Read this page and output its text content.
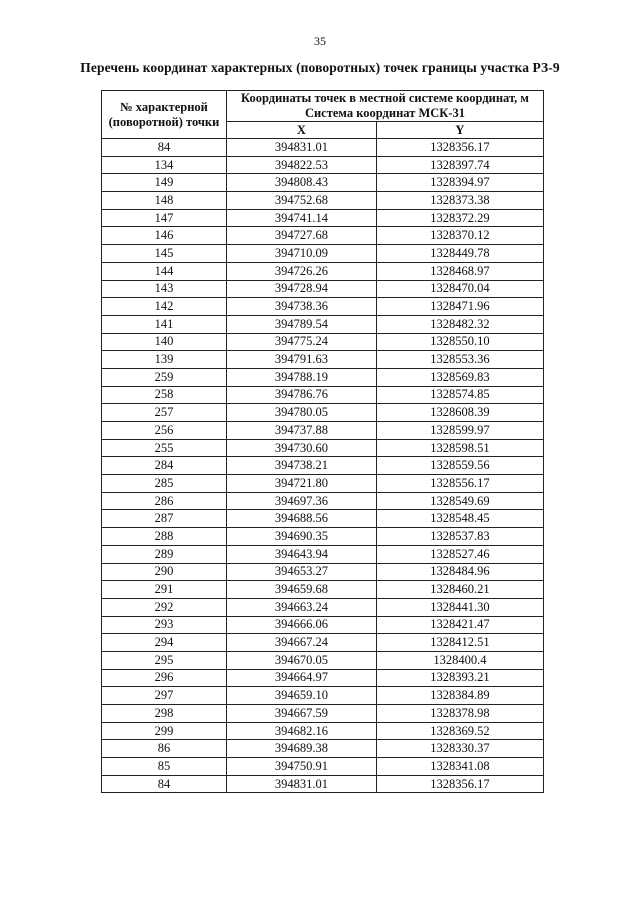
35
Перечень координат характерных (поворотных) точек границы участка РЗ-9
№ характерной (поворотной) точки	Координаты точек в местной системе координат, м Система координат МСК-31	
	X	Y
84	394831.01	1328356.17
134	394822.53	1328397.74
149	394808.43	1328394.97
148	394752.68	1328373.38
147	394741.14	1328372.29
146	394727.68	1328370.12
145	394710.09	1328449.78
144	394726.26	1328468.97
143	394728.94	1328470.04
142	394738.36	1328471.96
141	394789.54	1328482.32
140	394775.24	1328550.10
139	394791.63	1328553.36
259	394788.19	1328569.83
258	394786.76	1328574.85
257	394780.05	1328608.39
256	394737.88	1328599.97
255	394730.60	1328598.51
284	394738.21	1328559.56
285	394721.80	1328556.17
286	394697.36	1328549.69
287	394688.56	1328548.45
288	394690.35	1328537.83
289	394643.94	1328527.46
290	394653.27	1328484.96
291	394659.68	1328460.21
292	394663.24	1328441.30
293	394666.06	1328421.47
294	394667.24	1328412.51
295	394670.05	1328400.4
296	394664.97	1328393.21
297	394659.10	1328384.89
298	394667.59	1328378.98
299	394682.16	1328369.52
86	394689.38	1328330.37
85	394750.91	1328341.08
84	394831.01	1328356.17
